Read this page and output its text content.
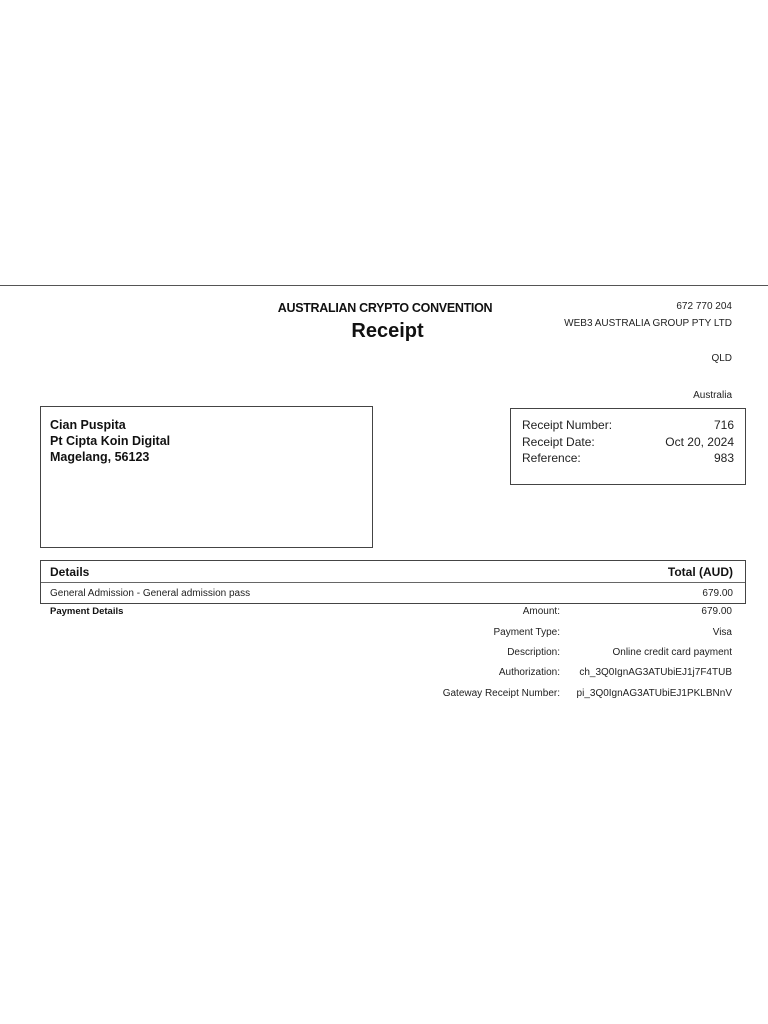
AUSTRALIAN CRYPTO CONVENTION
Receipt
672 770 204
WEB3 AUSTRALIA GROUP PTY LTD
QLD
Australia
Cian Puspita
Pt Cipta Koin Digital
Magelang, 56123
Receipt Number:	716
Receipt Date:	Oct 20, 2024
Reference:	983
Details	Total (AUD)
General Admission - General admission pass	679.00
Payment Details	Amount:	679.00
Payment Type:	Visa
Description:	Online credit card payment
Authorization: ch_3Q0IgnAG3ATUbiEJ1j7F4TUB
Gateway Receipt Number: pi_3Q0IgnAG3ATUbiEJ1PKLBNnV
